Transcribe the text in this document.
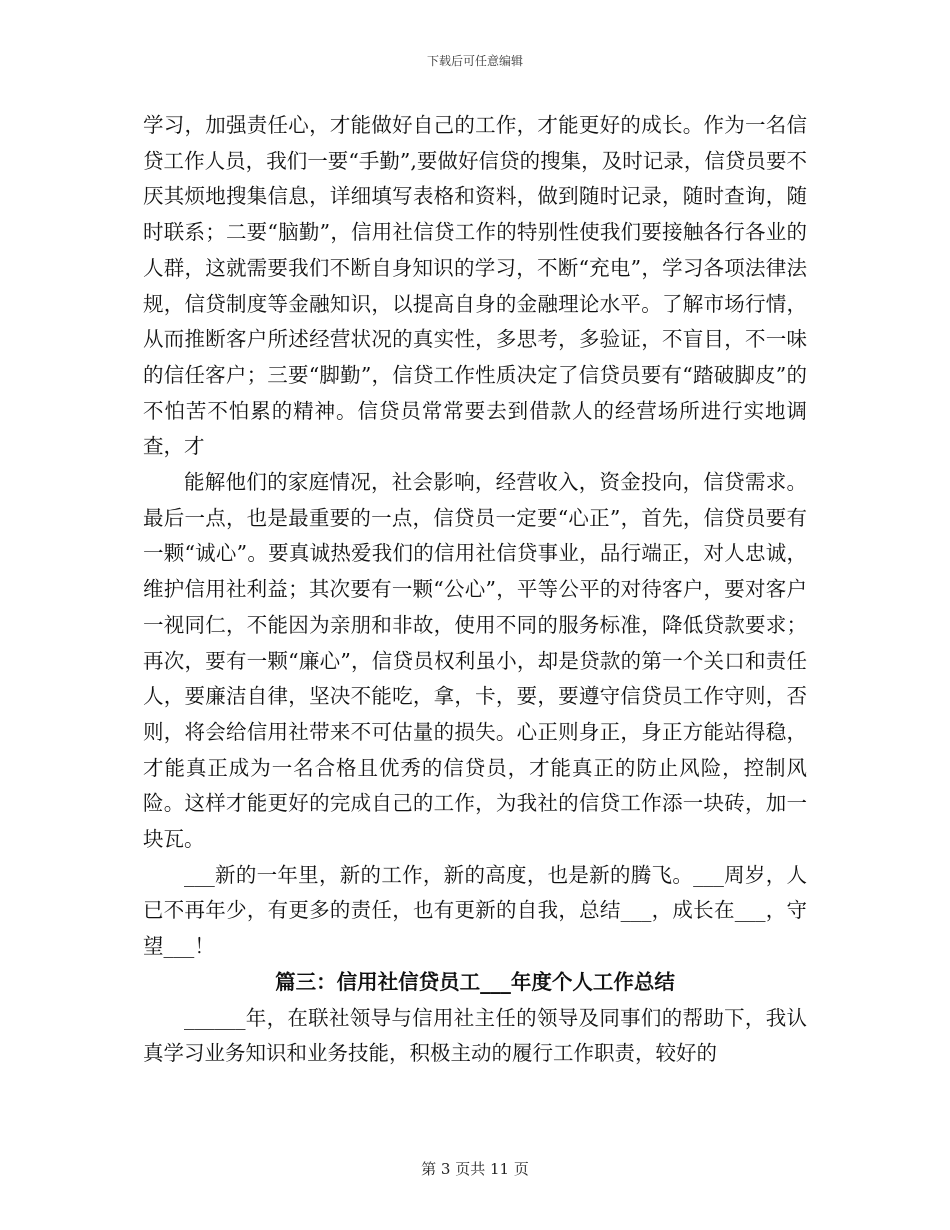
下载后可任意编辑

学习，加强责任心，才能做好自己的工作，才能更好的成长。作为一名信贷工作人员，我们一要“手勤”,要做好信贷的搜集，及时记录，信贷员要不厌其烦地搜集信息，详细填写表格和资料，做到随时记录，随时查询，随时联系；二要“脑勤”，信用社信贷工作的特别性使我们要接触各行各业的人群，这就需要我们不断自身知识的学习，不断“充电”，学习各项法律法规，信贷制度等金融知识，以提高自身的金融理论水平。了解市场行情，从而推断客户所述经营状况的真实性，多思考，多验证，不盲目，不一味的信任客户；三要“脚勤”，信贷工作性质决定了信贷员要有“踏破脚皮”的不怕苦不怕累的精神。信贷员常常要去到借款人的经营场所进行实地调查，才

能解他们的家庭情况，社会影响，经营收入，资金投向，信贷需求。最后一点，也是最重要的一点，信贷员一定要“心正”，首先，信贷员要有一颗“诚心”。要真诚热爱我们的信用社信贷事业，品行端正，对人忠诚，维护信用社利益；其次要有一颗“公心”，平等公平的对待客户，要对客户一视同仁，不能因为亲朋和非故，使用不同的服务标准，降低贷款要求；再次，要有一颗“廉心”，信贷员权利虽小，却是贷款的第一个关口和责任人，要廉洁自律，坚决不能吃，拿，卡，要，要遵守信贷员工作守则，否则，将会给信用社带来不可估量的损失。心正则身正，身正方能站得稳，才能真正成为一名合格且优秀的信贷员，才能真正的防止风险，控制风险。这样才能更好的完成自己的工作，为我社的信贷工作添一块砖，加一块瓦。

___新的一年里，新的工作，新的高度，也是新的腾飞。___周岁，人已不再年少，有更多的责任，也有更新的自我，总结___，成长在___，守望___！

篇三：信用社信贷员工___年度个人工作总结

______年，在联社领导与信用社主任的领导及同事们的帮助下，我认真学习业务知识和业务技能，积极主动的履行工作职责，较好的

第 3 页共 11 页
